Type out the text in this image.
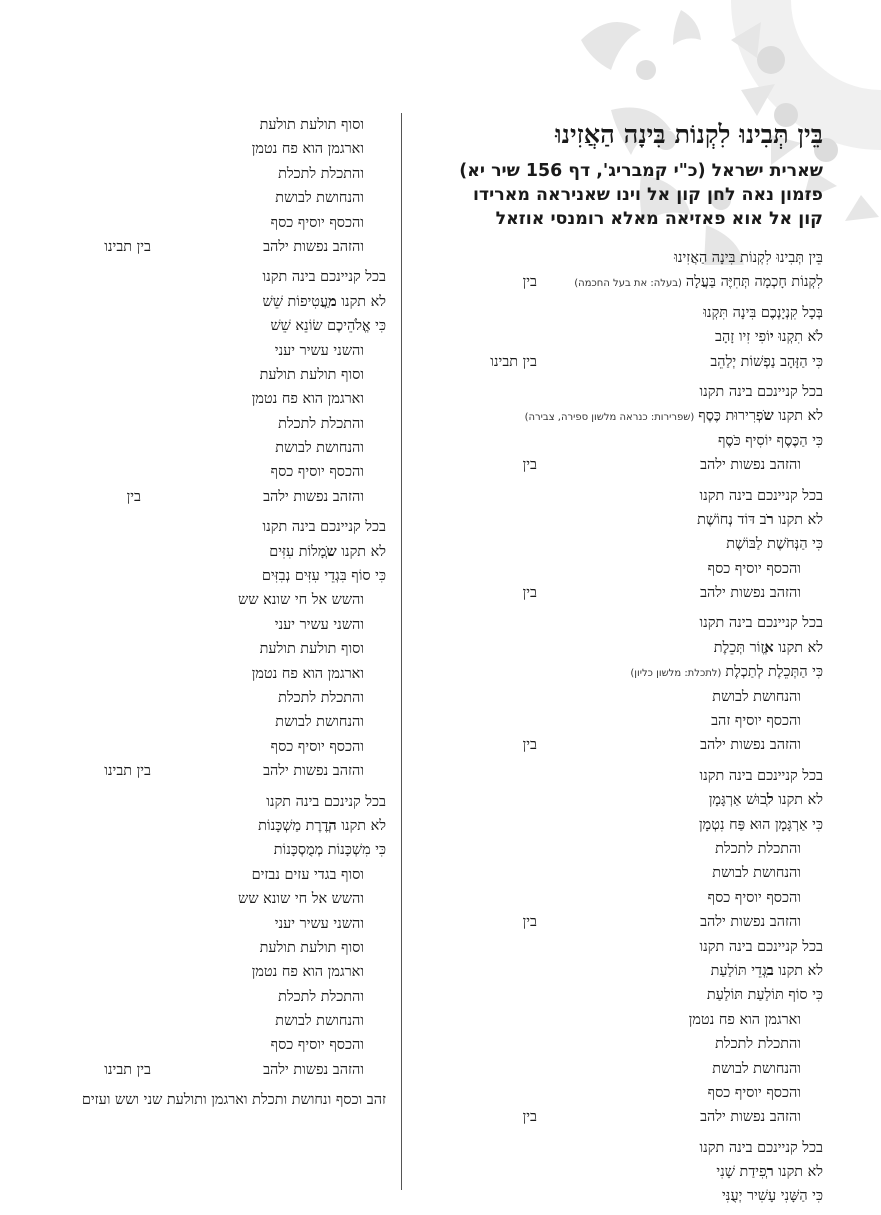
בֵּין תְּבִינוּ לִקְנוֹת בִּינָה הַאֲזִינוּ
שארית ישראל (כ"י קמבריג', דף 156 שיר יא)
פזמון נאה לחן קון אל וינו שאניראה מארידו
קון אל אוא פאזיאה מאלא רומנסי אוזאל
בֵּין תְּבִינוּ לִקְנוֹת בִּינָה הַאֲזִינוּ
לִקְנוֹת חָכְמָה תְּחִיֶּה בַּעֲלָה(בעלה: את בעל החכמה)
בין
בְּכָל קִנְיָנְכֶם בִּינָה תִּקְנוּ
לֹא תִקְנוּ יוֹפִי זִיו זָהָב
כִּי הַזָּהָב נַפְשׁוֹת יְלַהֵב
בין תבינו
בכל קניינכם בינה תקנו
לא תקנו שׂפְרִירוּת כֶּסֶף(שפרירות: כנראה מלשון ספירה, צבירה)
כִּי הַכֶּסֶף יוֹסִיף כֹּסֶף
והזהב נפשות ילהב
בין
בכל קניינכם בינה תקנו
לא תקנו רֹב דּוֹד נְחוֹשֶׁת
כִּי הַנְּחֹשֶׁת לַבּוֹשֶׁת
והכסף יוסיף כסף
והזהב נפשות ילהב
בין
בכל קניינכם בינה תקנו
לא תקנו אֱזוֹר תְּכֵלֶת
כִּי הַתְּכֵלֶת לְתַכְלֶת(לתכלת: מלשון כליון)
והנחושת לבושת
והכסף יוסיף זהב
והזהב נפשות ילהב
בין
בכל קניינכם בינה תקנו
לא תקנו לְבוּשׁ אַרְגָּמָן
כִּי אַרְגָּמָן הוּא פַּח נִטְמָן
והתכלת לתכלת
והנחושת לבושת
והכסף יוסיף כסף
והזהב נפשות ילהב
בין
בכל קניינכם בינה תקנו
לא תקנו בִּגְדֵי תּוֹלַעַת
כִּי סוֹף תּוֹלַעַת תּוֹלַעַת
וארגמן הוא פח נטמן
והתכלת לתכלת
והנחושת לבושת
והכסף יוסיף כסף
והזהב נפשות ילהב
בין
בכל קניינכם בינה תקנו
לא תקנו רְפִידַת שָׁנִי
כִּי הַשָּׁנִי עָשִׁיר יְעֻנִּי
וסוף תולעת תולעת
וארגמן הוא פח נטמן
והתכלת לתכלת
והנחושת לבושת
והכסף יוסיף כסף
והזהב נפשות ילהב
בין תבינו
בכל קניינכם בינה תקנו
לא תקנו מַעֲטִיפוֹת שֵׁשׁ
כִּי אֱלֹהֵיכֶם שׂוֹנֵא שֵׁשׁ
והשני עשיר יעני
וסוף תולעת תולעת
וארגמן הוא פח נטמן
והתכלת לתכלת
והנחושת לבושת
והכסף יוסיף כסף
והזהב נפשות ילהב
בין
בכל קניינכם בינה תקנו
לא תקנו שְׂמָלוֹת עִזִּים
כִּי סוֹף בִּגְדֵי עִזִּים נְבִזִּים
והשש אל חי שונא שש
והשני עשיר יעני
וסוף תולעת תולעת
וארגמן הוא פח נטמן
והתכלת לתכלת
והנחושת לבושת
והכסף יוסיף כסף
והזהב נפשות ילהב
בין תבינו
בכל קנינכם בינה תקנו
לא תקנו הֲדֶרֶת מַשְׁכָּנוֹת
כִּי מִשְׁכָּנוֹת מְמֻסְכָּנוֹת
וסוף בגדי עזים נבזים
והשש אל חי שונא שש
והשני עשיר יעני
וסוף תולעת תולעת
וארגמן הוא פח נטמן
והתכלת לתכלת
והנחושת לבושת
והכסף יוסיף כסף
והזהב נפשות ילהב
בין תבינו
זהב וכסף ונחושת ותכלת וארגמן ותולעת שני ושש ועזים
